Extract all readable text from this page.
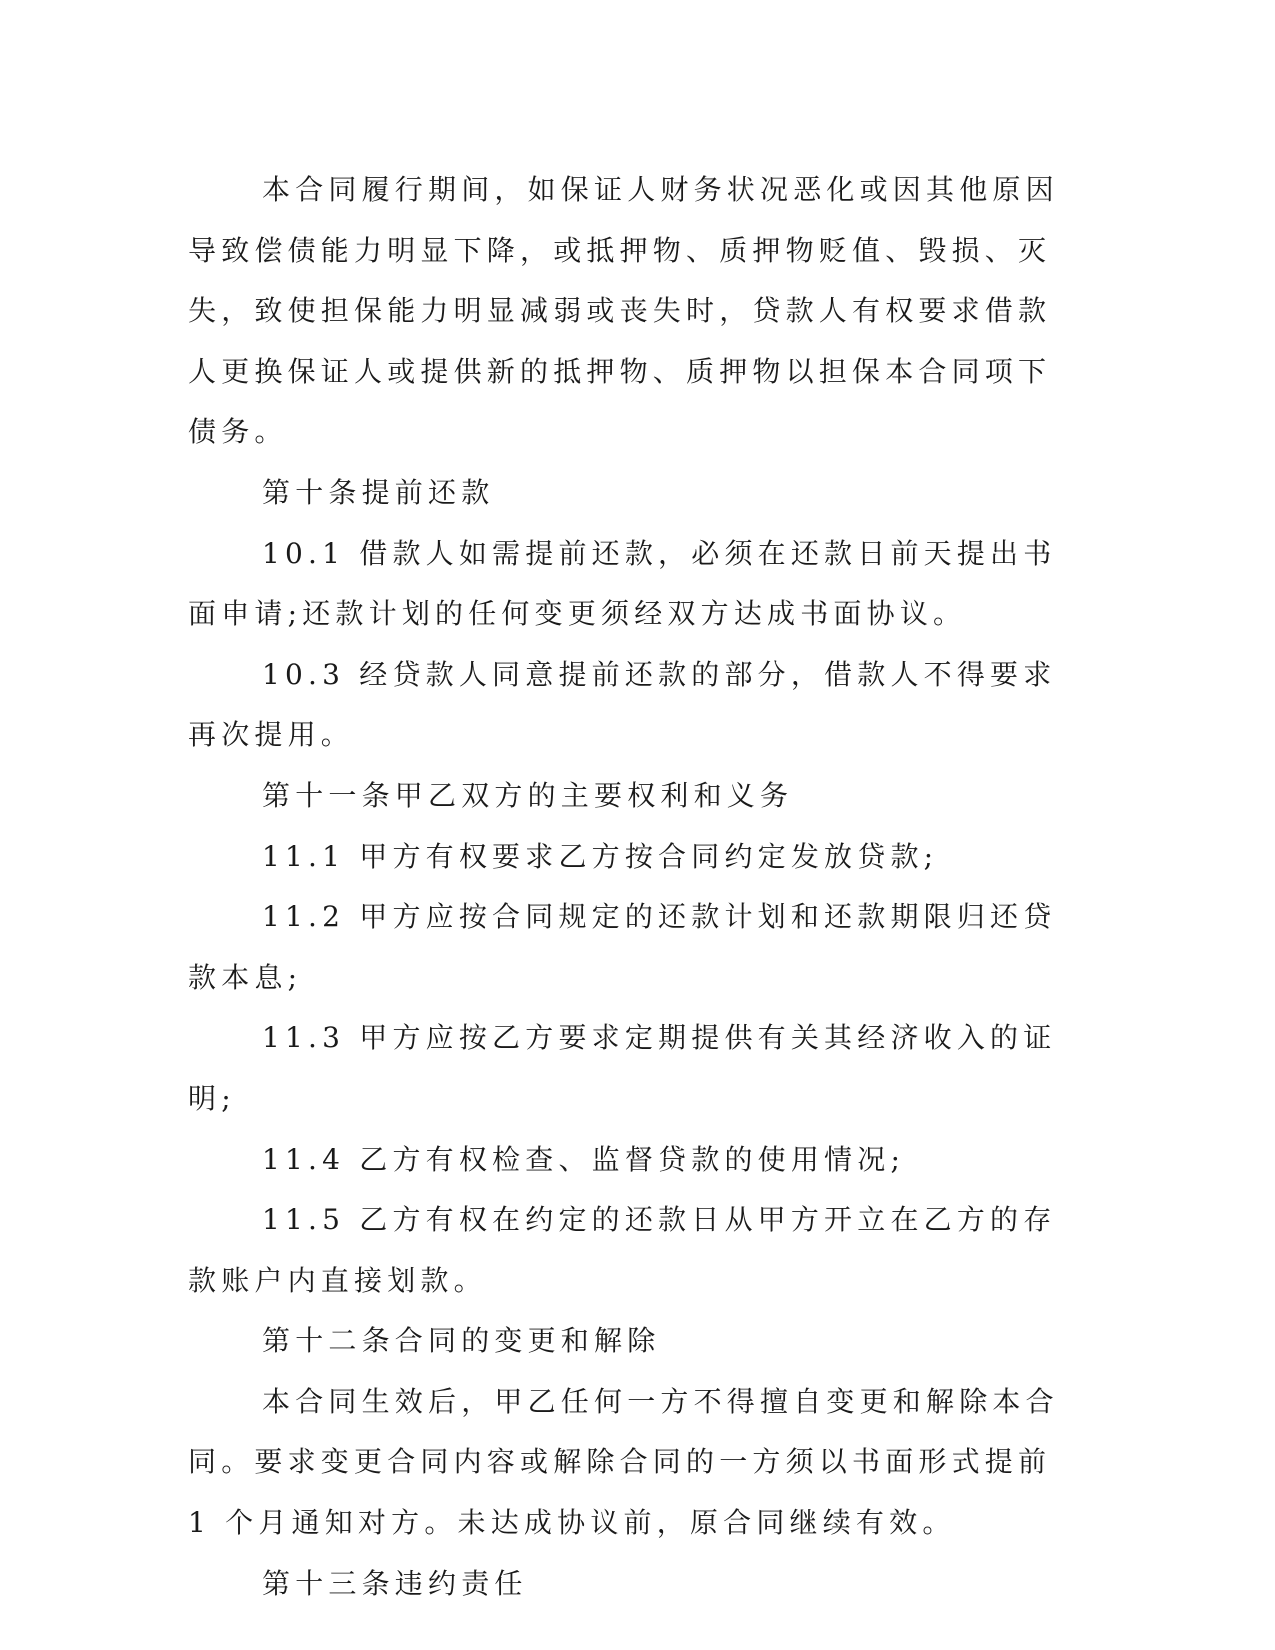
本合同履行期间，如保证人财务状况恶化或因其他原因导致偿债能力明显下降，或抵押物、质押物贬值、毁损、灭失，致使担保能力明显减弱或丧失时，贷款人有权要求借款人更换保证人或提供新的抵押物、质押物以担保本合同项下债务。

第十条提前还款

10.1 借款人如需提前还款，必须在还款日前天提出书面申请;还款计划的任何变更须经双方达成书面协议。

10.3 经贷款人同意提前还款的部分，借款人不得要求再次提用。

第十一条甲乙双方的主要权利和义务

11.1 甲方有权要求乙方按合同约定发放贷款;

11.2 甲方应按合同规定的还款计划和还款期限归还贷款本息;

11.3 甲方应按乙方要求定期提供有关其经济收入的证明;

11.4 乙方有权检查、监督贷款的使用情况;

11.5 乙方有权在约定的还款日从甲方开立在乙方的存款账户内直接划款。

第十二条合同的变更和解除

本合同生效后，甲乙任何一方不得擅自变更和解除本合同。要求变更合同内容或解除合同的一方须以书面形式提前 1 个月通知对方。未达成协议前，原合同继续有效。

第十三条违约责任
